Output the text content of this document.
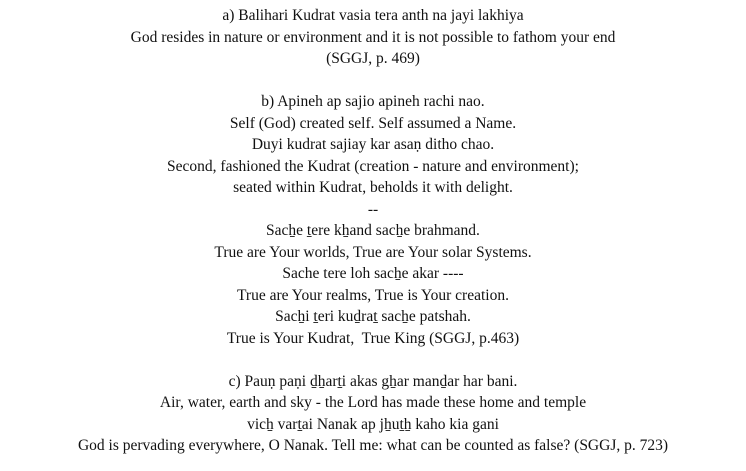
a) Balihari Kudrat vasia tera anth na jayi lakhiya
God resides in nature or environment and it is not possible to fathom your end
(SGGJ, p. 469)
b) Apineh ap sajio apineh rachi nao.
Self (God) created self. Self assumed a Name.
Duyi kudrat sajiay kar asaṇ ditho chao.
Second, fashioned the Kudrat (creation - nature and environment);
seated within Kudrat, beholds it with delight.
--
Sacẖe ṯere kẖand sacẖe brahmand.
True are Your worlds, True are Your solar Systems.
Sache tere loh sacẖe akar ----
True are Your realms, True is Your creation.
Sacẖi ṯeri kuḏraṯ sacẖe patshah.
True is Your Kudrat,  True King (SGGJ, p.463)
c) Pauṇ paṇi ḏẖarṯi akas gẖar manḏar har bani.
Air, water, earth and sky - the Lord has made these home and temple
vicẖ varṯai Nanak ap jẖuṯẖ kaho kia gani
God is pervading everywhere, O Nanak. Tell me: what can be counted as false? (SGGJ, p. 723)
